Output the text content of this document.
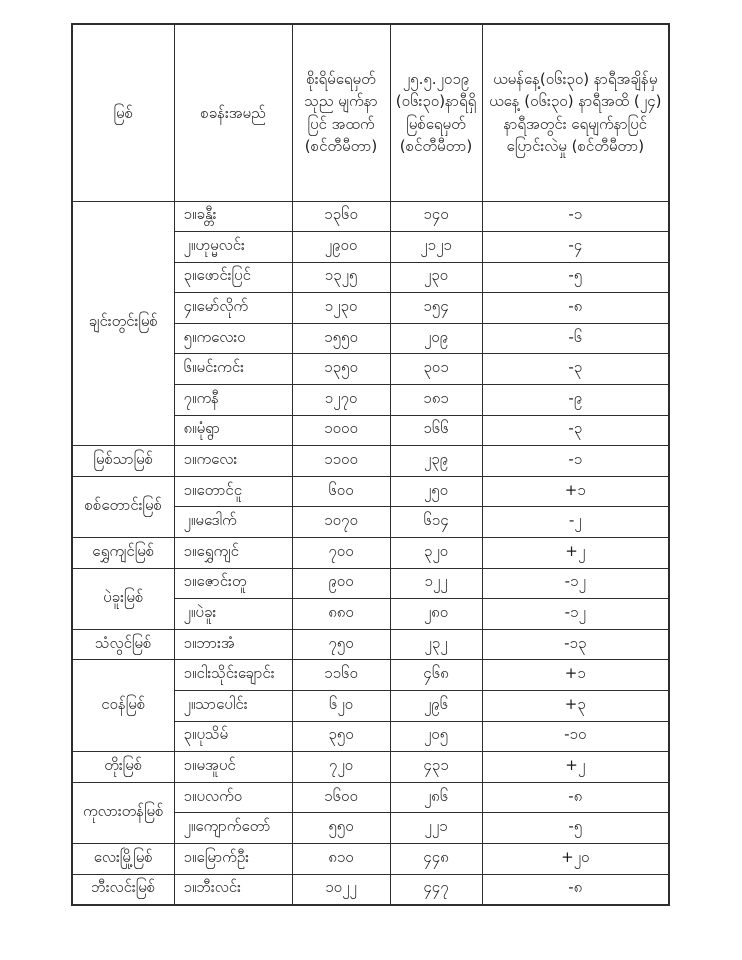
မြစ်	စခန်းအမည်	စိုးရိမ်ရေမှတ် သုည မျက်နာပြင် အထက် (စင်တီမီတာ)	၂၅.၅.၂၀၁၉ (၀၆း၃၀)နာရီရှိ မြစ်ရေမှတ် (စင်တီမီတာ)	ယမန်နေ့(၀၆း၃၀) နာရီအချိန်မှ ယနေ့ (၀၆း၃၀) နာရီအထိ (၂၄) နာရီအတွင်း ရေမျက်နာပြင်ပြောင်းလဲမှု (စင်တီမီတာ)
ချင်းတွင်းမြစ်	၁။ခန္တီး	၁၃၆၀	၁၄၀	-၁
	၂။ဟုမ္မလင်း	၂၉၀၀	၂၁၂၁	-၄
	၃။ဖောင်းပြင်	၁၃၂၅	၂၃၀	-၅
	၄။မော်လိုက်	၁၂၃၀	၁၅၄	-၈
	၅။ကလေးဝ	၁၅၅၀	၂၀၉	-၆
	၆။မင်းကင်း	၁၃၅၀	၃၀၁	-၃
	၇။ကနီ	၁၂၇၀	၁၈၁	-၉
	၈။မုံရွာ	၁၀၀၀	၁၆၆	-၃
မြစ်သာမြစ်	၁။ကလေး	၁၁၀၀	၂၃၉	-၁
စစ်တောင်းမြစ်	၁။တောင်ငူ	၆၀၀	၂၅၀	+၁
	၂။မဒေါက်	၁၀၇၀	၆၁၄	-၂
ရွှေကျင်မြစ်	၁။ရွှေကျင်	၇၀၀	၃၂၀	+၂
ပဲခူးမြစ်	၁။ဇောင်းတူ	၉၀၀	၁၂၂	-၁၂
	၂။ပဲခူး	၈၈၀	၂၈၀	-၁၂
သံလွင်မြစ်	၁။ဘားအံ	၇၅၀	၂၃၂	-၁၃
ငဝန်မြစ်	၁။ငါးသိုင်းချောင်း	၁၁၆၀	၄၆၈	+၁
	၂။သာပေါင်း	၆၂၀	၂၉၆	+၃
	၃။ပုသိမ်	၃၅၀	၂၀၅	-၁၀
တိုးမြစ်	၁။မအူပင်	၇၂၀	၄၃၁	+၂
ကုလားတန်မြစ်	၁။ပလက်ဝ	၁၆၀၀	၂၈၆	-၈
	၂။ကျောက်တော်	၅၅၀	၂၂၁	-၅
လေးမြို့မြစ်	၁။မြောက်ဦး	၈၁၀	၄၄၈	+၂၀
ဘီးလင်းမြစ်	၁။ဘီးလင်း	၁၀၂၂	၄၄၇	-၈
